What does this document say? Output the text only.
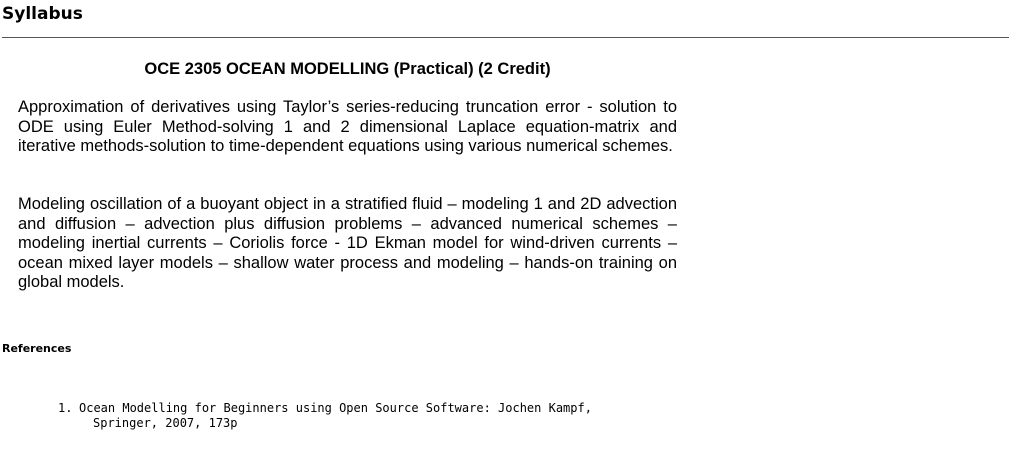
Syllabus
OCE 2305 OCEAN MODELLING (Practical) (2 Credit)

Approximation of derivatives using Taylor’s series-reducing truncation error - solution to ODE using Euler Method-solving 1 and 2 dimensional Laplace equation-matrix and iterative methods-solution to time-dependent equations using various numerical schemes.

Modeling oscillation of a buoyant object in a stratified fluid – modeling 1 and 2D advection and diffusion – advection plus diffusion problems – advanced numerical schemes – modeling inertial currents – Coriolis force - 1D Ekman model for wind-driven currents – ocean mixed layer models – shallow water process and modeling – hands-on training on global models.

References
1. Ocean Modelling for Beginners using Open Source Software: Jochen Kampf,
Springer, 2007, 173p
